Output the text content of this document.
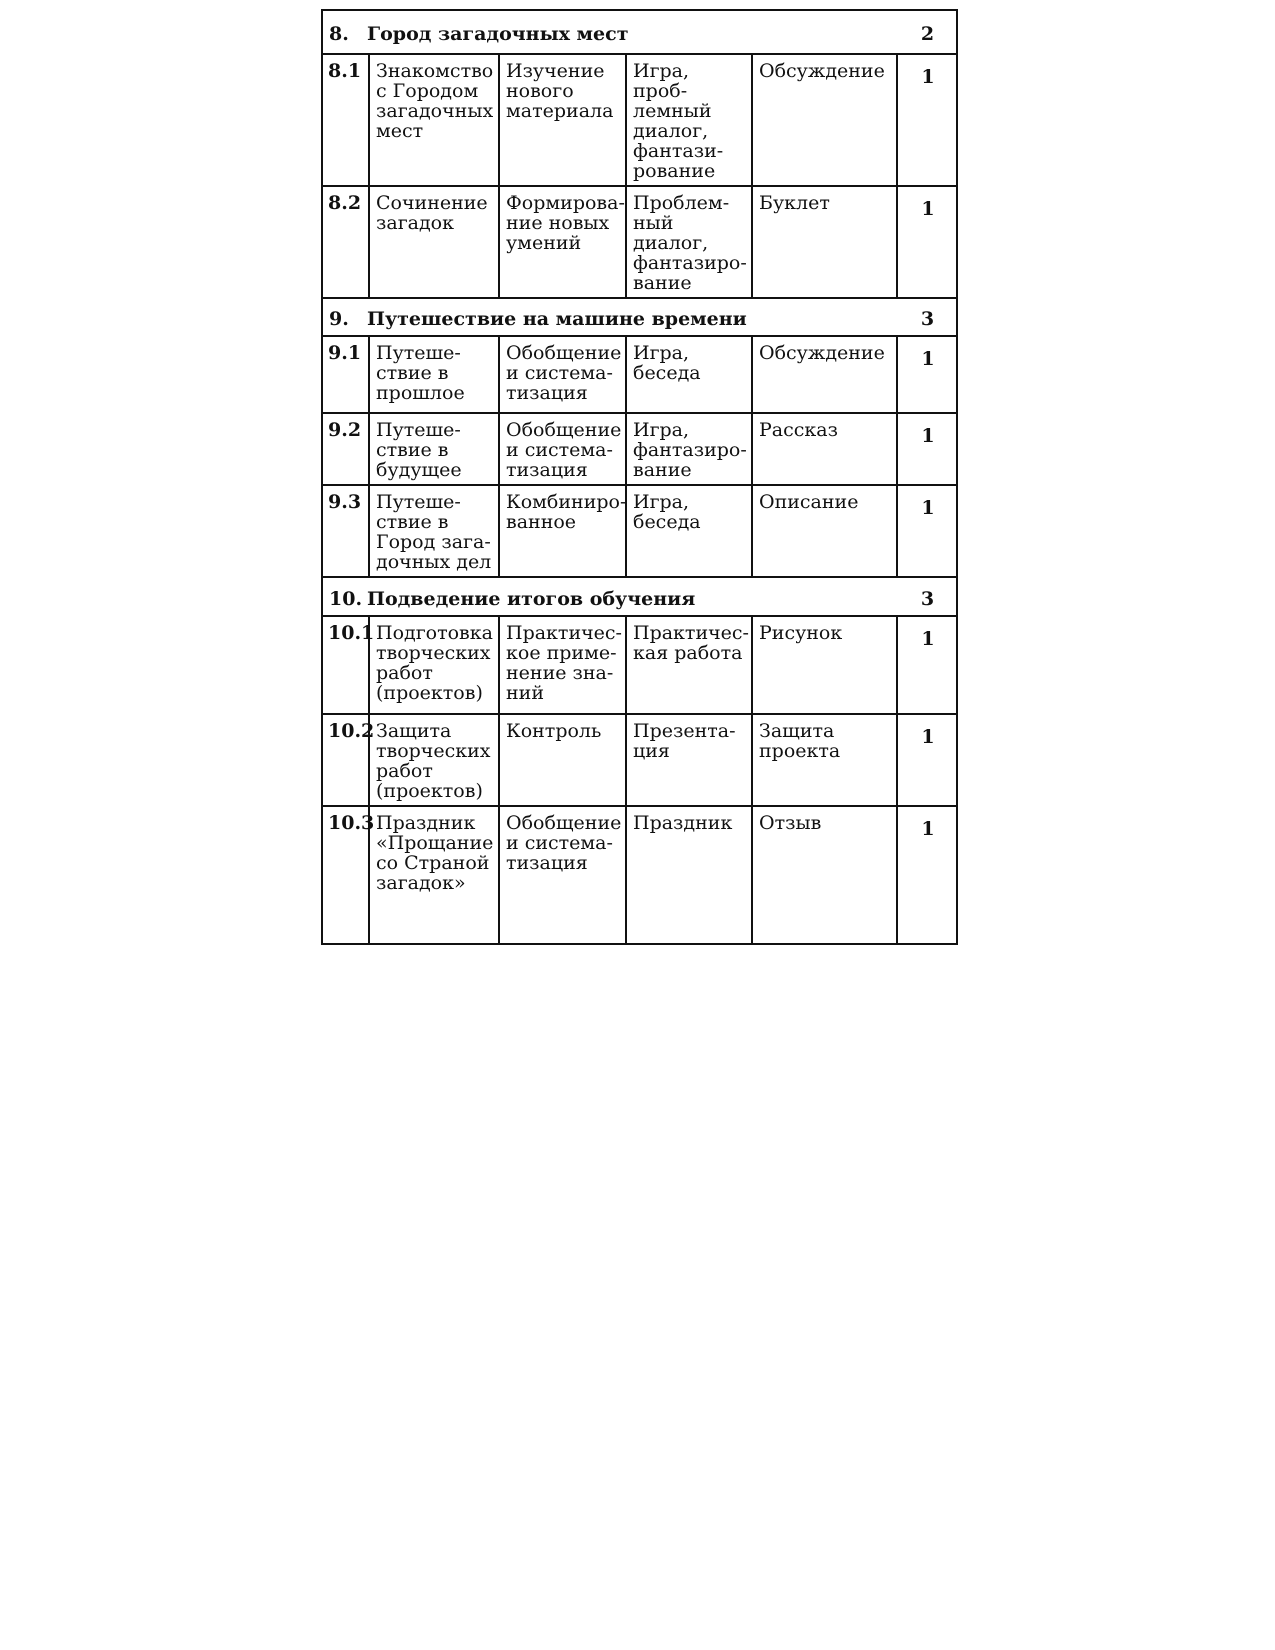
8. Город загадочных мест					2
8.1	Знакомство
с Городом
загадочных
мест	Изучение
нового
материала	Игра, проб-
лемный
диалог,
фантази-
рование	Обсуждение	1
8.2	Сочинение
загадок	Формирова-
ние новых
умений	Проблем-
ный диалог,
фантазиро-
вание	Буклет	1
9. Путешествие на машине времени					3
9.1	Путеше-
ствие в
прошлое	Обобщение
и система-
тизация	Игра,
беседа	Обсуждение	1
9.2	Путеше-
ствие в
будущее	Обобщение
и система-
тизация	Игра,
фантазиро-
вание	Рассказ	1
9.3	Путеше-
ствие в
Город зага-
дочных дел	Комбиниро-
ванное	Игра,
беседа	Описание	1
10. Подведение итогов обучения					3
10.1	Подготовка
творческих
работ
(проектов)	Практичес-
кое приме-
нение зна-
ний	Практичес-
кая работа	Рисунок	1
10.2	Защита
творческих
работ
(проектов)	Контроль	Презента-
ция	Защита
проекта	1
10.3	Праздник
«Прощание
со Страной
загадок»	Обобщение
и система-
тизация	Праздник	Отзыв	1
